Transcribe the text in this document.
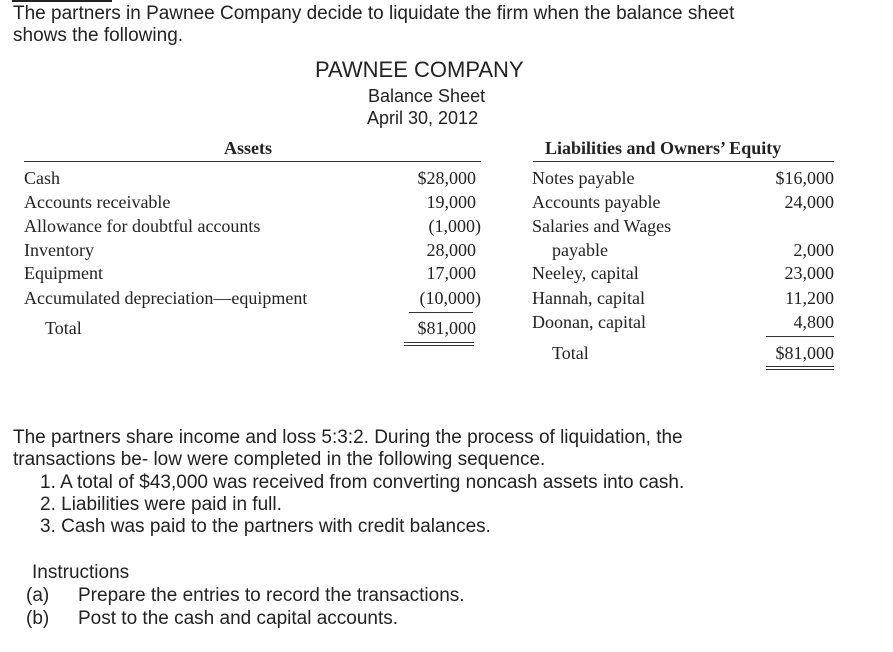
The partners in Pawnee Company decide to liquidate the firm when the balance sheet
shows the following.
PAWNEE COMPANY
Balance Sheet
April 30, 2012
Assets
Cash
Accounts receivable
Allowance for doubtful accounts
Inventory
Equipment
Accumulated depreciation—equipment
$28,000
19,000
(1,000)
28,000
17,000
(10,000)
Total	$81,000
Liabilities and Owners’ Equity
Notes payable
Accounts payable
Salaries and Wages
payable
Neeley, capital
Hannah, capital
Doonan, capital
$16,000
24,000
2,000
23,000
11,200
4,800
Total	$81,000
The partners share income and loss 5:3:2. During the process of liquidation, the
transactions be- low were completed in the following sequence.
1. A total of $43,000 was received from converting noncash assets into cash.
2. Liabilities were paid in full.
3. Cash was paid to the partners with credit balances.
Instructions
(a) Prepare the entries to record the transactions.
(b) Post to the cash and capital accounts.
